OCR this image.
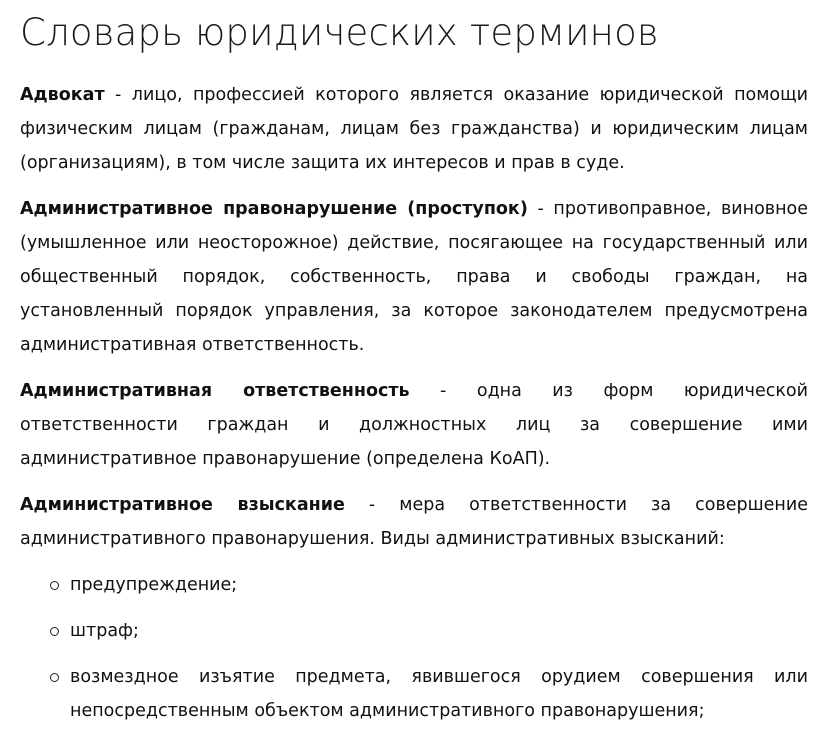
Словарь юридических терминов

Адвокат - лицо, профессией которого является оказание юридической помощи физическим лицам (гражданам, лицам без гражданства) и юридическим лицам (организациям), в том числе защита их интересов и прав в суде.

Административное правонарушение (проступок) - противоправное, виновное (умышленное или неосторожное) действие, посягающее на государственный или общественный порядок, собственность, права и свободы граждан, на установленный порядок управления, за которое законодателем предусмотрена административная ответственность.

Административная ответственность - одна из форм юридической ответственности граждан и должностных лиц за совершение ими административное правонарушение (определена КоАП).

Административное взыскание - мера ответственности за совершение административного правонарушения. Виды административных взысканий:

предупреждение;
штраф;
возмездное изъятие предмета, явившегося орудием совершения или непосредственным объектом административного правонарушения;
